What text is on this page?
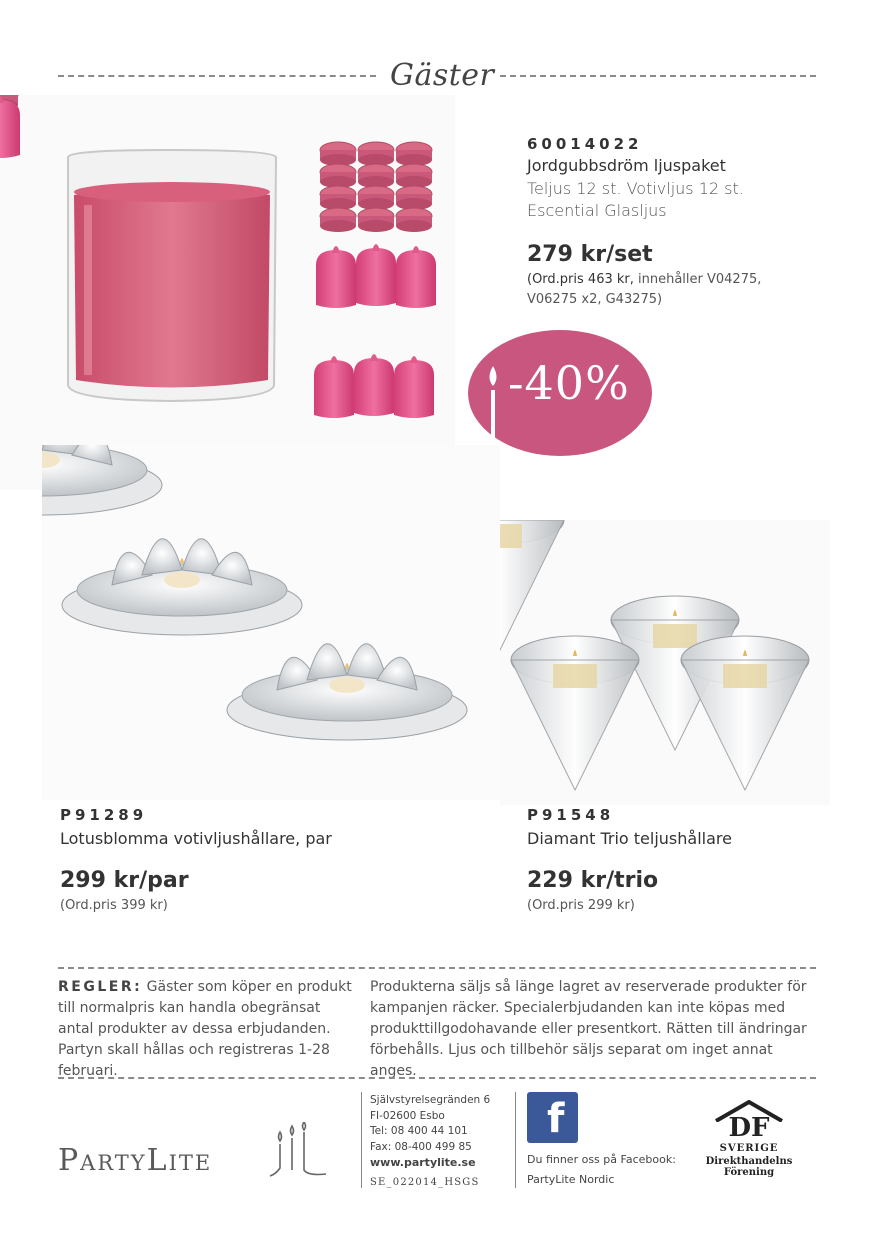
Gäster
60014022
Jordgubbsdröm ljuspaket
Teljus 12 st. Votivljus 12 st. Escential Glasljus
279 kr/set
(Ord.pris 463 kr, innehåller V04275, V06275 x2, G43275)
-40%
P91289
Lotusblomma votivljushållare, par
299 kr/par
(Ord.pris 399 kr)
P91548
Diamant Trio teljushållare
229 kr/trio
(Ord.pris 299 kr)
REGLER: Gäster som köper en produkt till normalpris kan handla obegränsat antal produkter av dessa erbjudanden. Partyn skall hållas och registreras 1-28 februari.
Produkterna säljs så länge lagret av reserverade produkter för kampanjen räcker. Specialerbjudanden kan inte köpas med produkttillgodohavande eller presentkort. Rätten till ändringar förbehålls. Ljus och tillbehör säljs separat om inget annat anges.
PartyLite
Självstyrelsegränden 6
FI-02600 Esbo
Tel: 08 400 44 101
Fax: 08-400 499 85
www.partylite.se
SE_022014_HSGS
f
Du finner oss på Facebook:
PartyLite Nordic
DF
SVERIGE
Direkthandelns Förening
